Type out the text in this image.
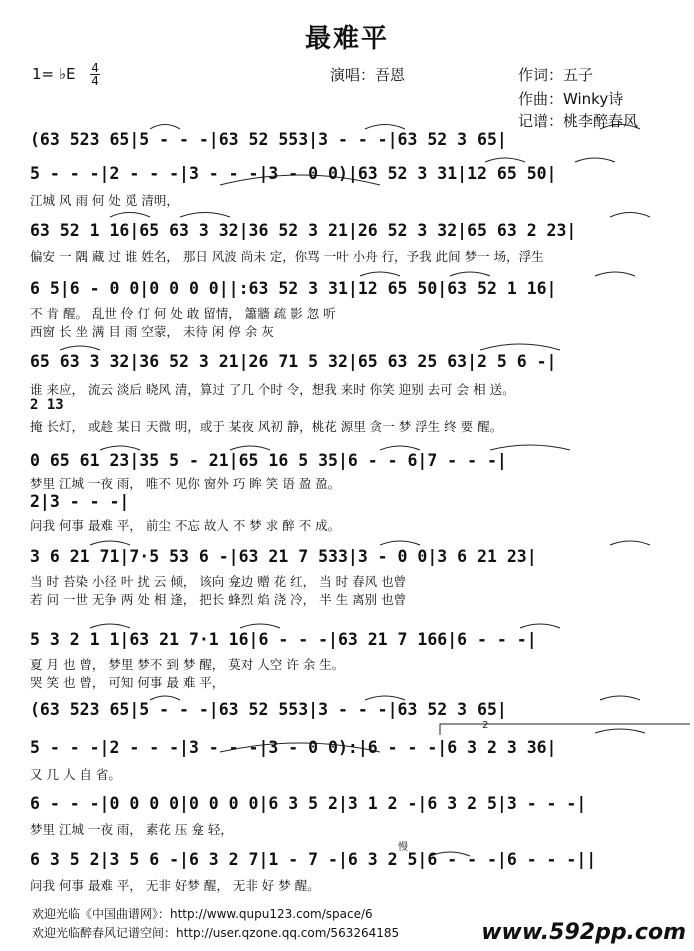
2
最难平
1= ♭E $\frac{4}{4}$	演唱：吾恩	作词：五子
作曲：Winky诗
记谱：桃李醉春风
(63 523 65|5 - - -|63 52 553|3 - - -|63 52 3 65|
5 - - -|2 - - -|3 - - -|3 - 0 0)|63 52 3 31|12 65 50|
江城 风 雨 何 处 觅 清明，
63 52 1 16|65 63 3 32|36 52 3 21|26 52 3 32|65 63 2 23|
偏安 一 隅 藏 过 谁 姓名， 那日 风波 尚未 定，你骂 一叶 小舟 行，予我 此间 梦一 场，浮生
6 5|6 - 0 0|0 0 0 0||:63 52 3 31|12 65 50|63 52 1 16|
不 肯 醒。 乱世 伶 仃 何 处 敢 留情， 簫牆 疏 影 忽 听
西窗 长 坐 满 目 雨 空蒙， 未待 闲 停 余 灰
65 63 3 32|36 52 3 21|26 71 5 32|65 63 25 63|2 5 6 -|
谁 来应， 流云 淡后 晓风 清，算过 了几 个时 令，想我 来时 你笑 迎别 去可 会 相 送。
2 13
掩 长灯， 或趁 某日 天微 明，或于 某夜 风初 静，桃花 源里 贪一 梦 浮生 终 要 醒。
0 65 61 23|35 5 - 21|65 16 5 35|6 - - 6|7 - - -|
梦里 江城 一夜 雨， 唯不 见你 窗外 巧 眸 笑 语 盈 盈。
2|3 - - -|
问我 何事 最难 平， 前尘 不忘 故人 不 梦 求 醉 不 成。
3 6 21 71|7·5 53 6 -|63 21 7 533|3 - 0 0|3 6 21 23|
当 时 苔染 小径 叶 扰 云 倾， 该向 龛边 赠 花 红， 当 时 春风 也曾
若 问 一世 无争 两 处 相 逢， 把长 蜂烈 焰 浇 冷， 半 生 离别 也曾
5 3 2 1 1|63 21 7·1 16|6 - - -|63 21 7 166|6 - - -|
夏 月 也 曾， 梦里 梦不 到 梦 醒， 莫对 人空 许 余 生。
哭 笑 也 曾， 可知 何事 最 难 平，
(63 523 65|5 - - -|63 52 553|3 - - -|63 52 3 65|
5 - - -|2 - - -|3 - - -|3 - 0 0):|6 - - -|6 3 2 3 36|
又 几 人 自 省。
6 - - -|0 0 0 0|0 0 0 0|6 3 5 2|3 1 2 -|6 3 2 5|3 - - -|
梦里 江城 一夜 雨， 素花 压 龛 轻，
慢
6 3 5 2|3 5 6 -|6 3 2 7|1 - 7 -|6 3 2 5|6 - - -|6 - - -||
问我 何事 最难 平， 无非 好梦 醒， 无非 好 梦 醒。
欢迎光临《中国曲谱网》：http://www.qupu123.com/space/6
欢迎光临醉春风记谱空间：http://user.qzone.qq.com/563264185	www.592pp.com
